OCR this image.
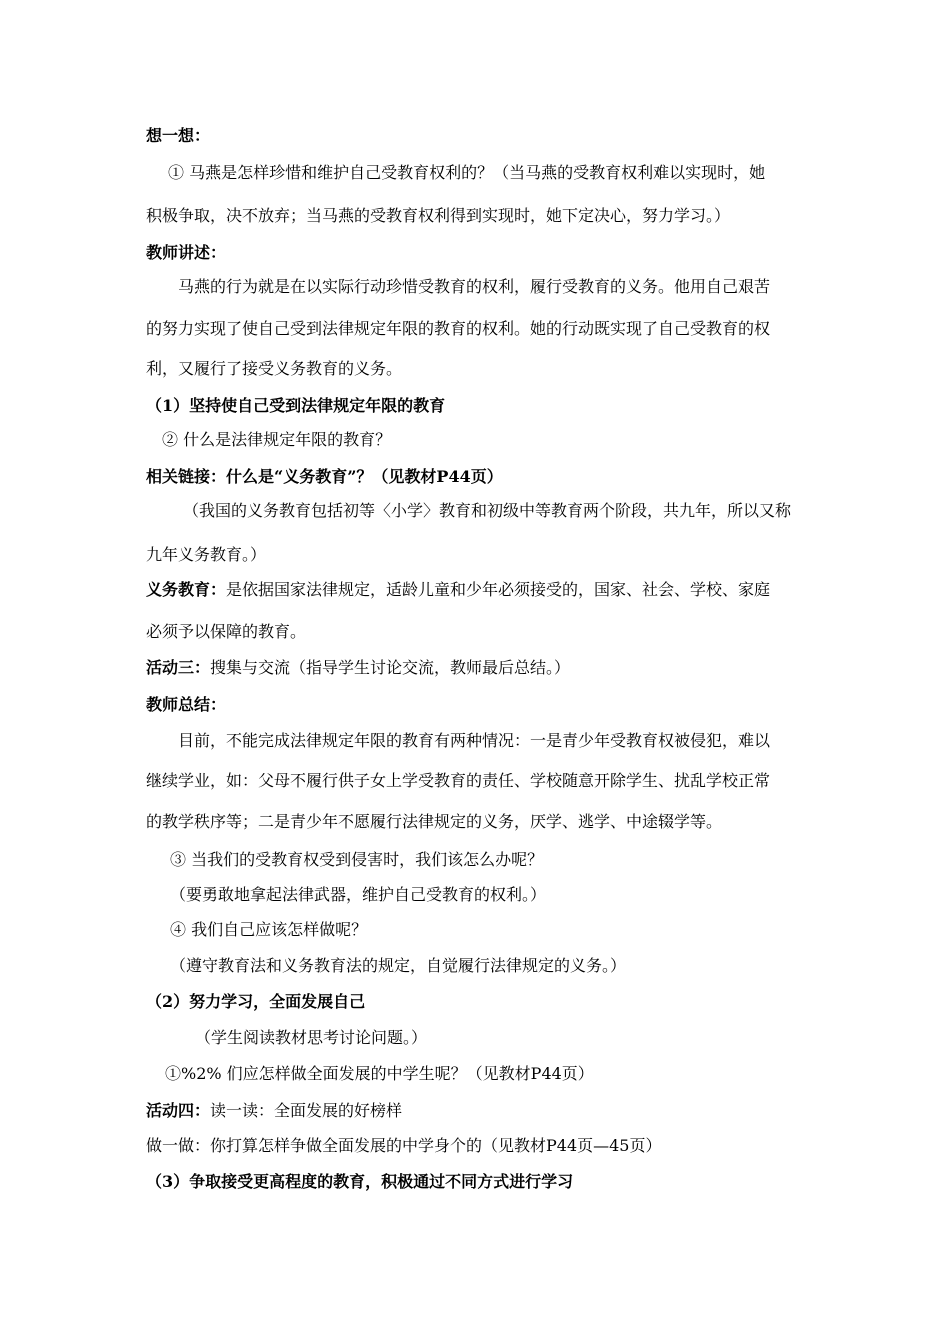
想一想：
① 马燕是怎样珍惜和维护自己受教育权利的？（当马燕的受教育权利难以实现时，她
积极争取，决不放弃；当马燕的受教育权利得到实现时，她下定决心，努力学习。）
教师讲述：
马燕的行为就是在以实际行动珍惜受教育的权利，履行受教育的义务。他用自己艰苦
的努力实现了使自己受到法律规定年限的教育的权利。她的行动既实现了自己受教育的权
利，又履行了接受义务教育的义务。
（1）坚持使自己受到法律规定年限的教育
② 什么是法律规定年限的教育？
相关链接：什么是“义务教育”？（见教材P44页）
（我国的义务教育包括初等〈小学〉教育和初级中等教育两个阶段，共九年，所以又称
九年义务教育。）
义务教育：是依据国家法律规定，适龄儿童和少年必须接受的，国家、社会、学校、家庭
必须予以保障的教育。
活动三：搜集与交流（指导学生讨论交流，教师最后总结。）
教师总结：
目前，不能完成法律规定年限的教育有两种情况：一是青少年受教育权被侵犯，难以
继续学业，如：父母不履行供子女上学受教育的责任、学校随意开除学生、扰乱学校正常
的教学秩序等；二是青少年不愿履行法律规定的义务，厌学、逃学、中途辍学等。
③ 当我们的受教育权受到侵害时，我们该怎么办呢？
（要勇敢地拿起法律武器，维护自己受教育的权利。）
④ 我们自己应该怎样做呢？
（遵守教育法和义务教育法的规定，自觉履行法律规定的义务。）
（2）努力学习，全面发展自己
（学生阅读教材思考讨论问题。）
①%2% 们应怎样做全面发展的中学生呢？（见教材P44页）
活动四：读一读：全面发展的好榜样
做一做：你打算怎样争做全面发展的中学身个的（见教材P44页—45页）
（3）争取接受更高程度的教育，积极通过不同方式进行学习
